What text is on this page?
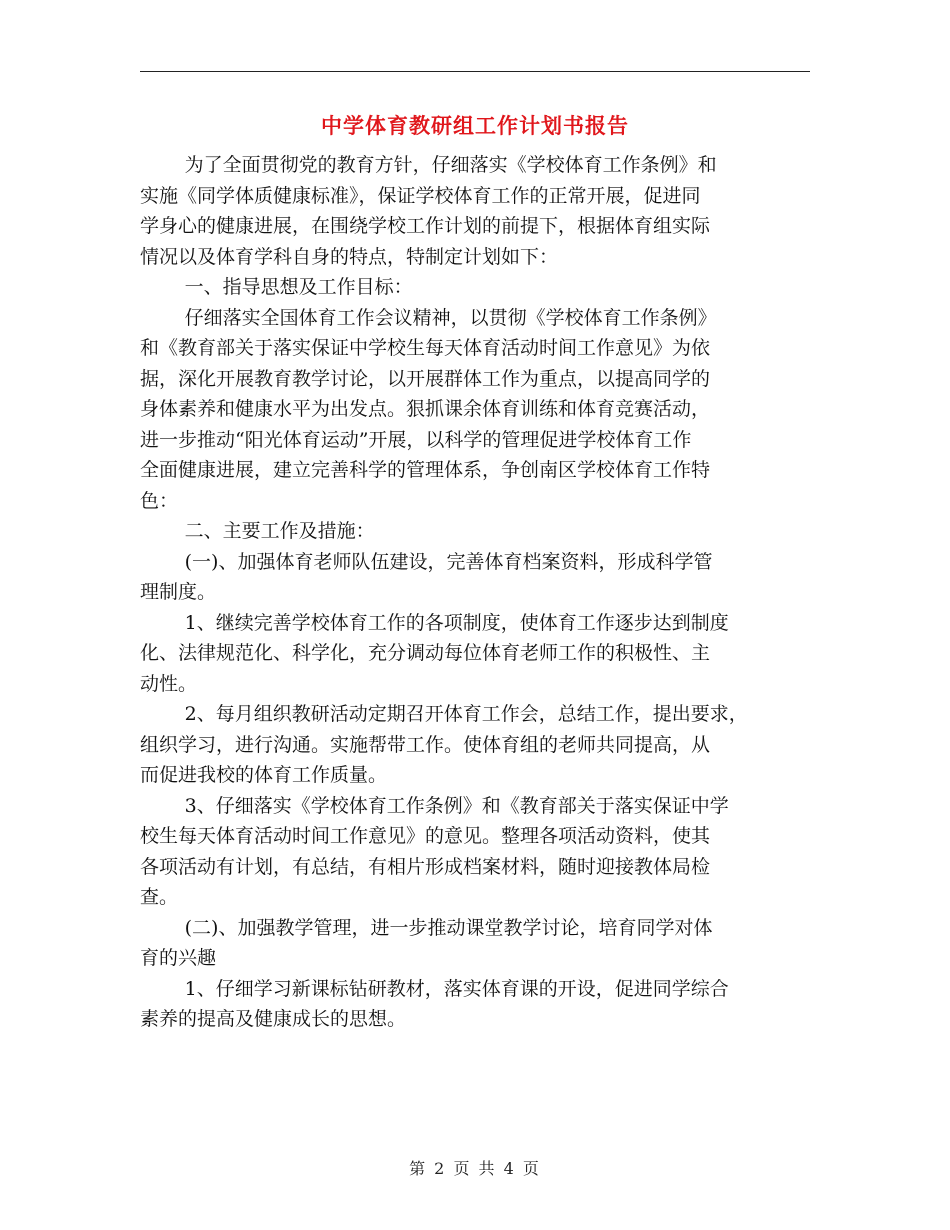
中学体育教研组工作计划书报告

为了全面贯彻党的教育方针，仔细落实《学校体育工作条例》和
实施《同学体质健康标准》，保证学校体育工作的正常开展，促进同
学身心的健康进展，在围绕学校工作计划的前提下，根据体育组实际
情况以及体育学科自身的特点，特制定计划如下：

一、指导思想及工作目标：

仔细落实全国体育工作会议精神，以贯彻《学校体育工作条例》
和《教育部关于落实保证中学校生每天体育活动时间工作意见》为依
据，深化开展教育教学讨论，以开展群体工作为重点，以提高同学的
身体素养和健康水平为出发点。狠抓课余体育训练和体育竞赛活动，
进一步推动“阳光体育运动”开展，以科学的管理促进学校体育工作
全面健康进展，建立完善科学的管理体系，争创南区学校体育工作特
色：

二、主要工作及措施：

(一)、加强体育老师队伍建设，完善体育档案资料，形成科学管
理制度。

1、继续完善学校体育工作的各项制度，使体育工作逐步达到制度
化、法律规范化、科学化，充分调动每位体育老师工作的积极性、主
动性。

2、每月组织教研活动定期召开体育工作会，总结工作，提出要求，
组织学习，进行沟通。实施帮带工作。使体育组的老师共同提高，从
而促进我校的体育工作质量。

3、仔细落实《学校体育工作条例》和《教育部关于落实保证中学
校生每天体育活动时间工作意见》的意见。整理各项活动资料，使其
各项活动有计划，有总结，有相片形成档案材料，随时迎接教体局检
查。

(二)、加强教学管理，进一步推动课堂教学讨论，培育同学对体
育的兴趣

1、仔细学习新课标钻研教材，落实体育课的开设，促进同学综合
素养的提高及健康成长的思想。

第 2 页 共 4 页
